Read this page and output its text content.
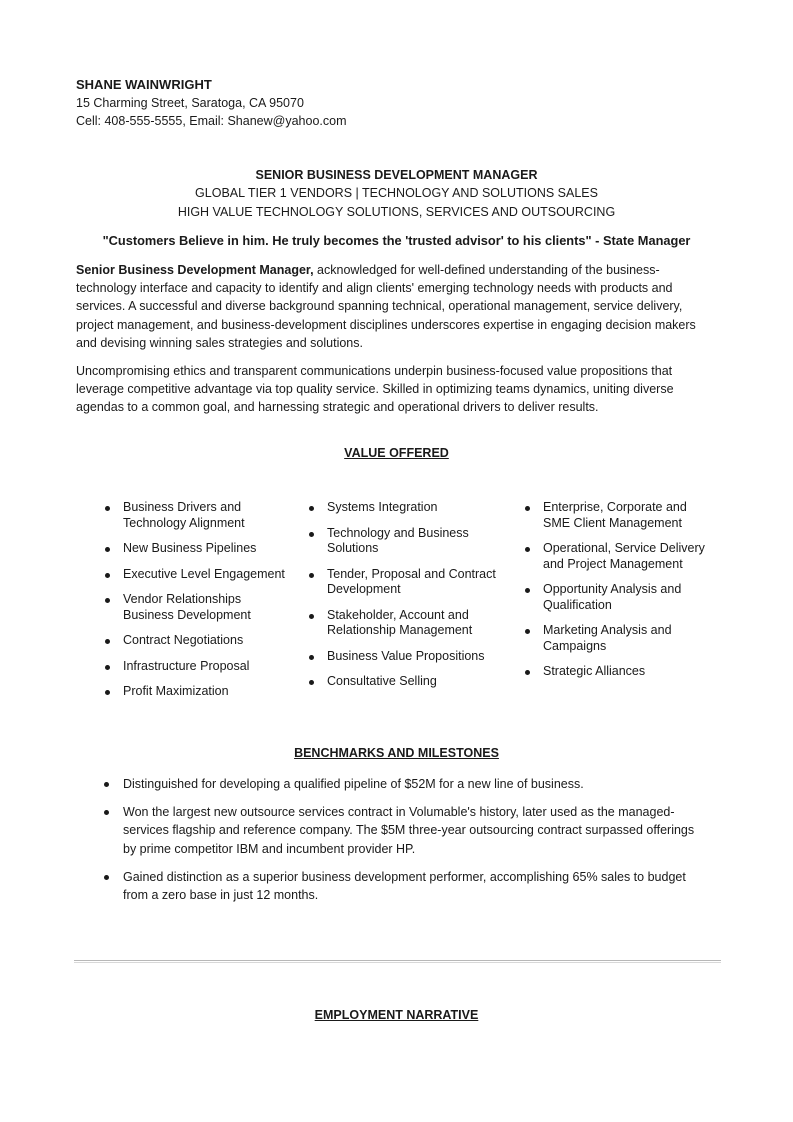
SHANE WAINWRIGHT
15 Charming Street, Saratoga, CA 95070
Cell: 408-555-5555, Email: Shanew@yahoo.com
SENIOR BUSINESS DEVELOPMENT MANAGER
GLOBAL TIER 1 VENDORS | TECHNOLOGY AND SOLUTIONS SALES
HIGH VALUE TECHNOLOGY SOLUTIONS, SERVICES AND OUTSOURCING
"Customers Believe in him. He truly becomes the 'trusted advisor' to his clients" - State Manager
Senior Business Development Manager, acknowledged for well-defined understanding of the business-technology interface and capacity to identify and align clients' emerging technology needs with products and services. A successful and diverse background spanning technical, operational management, service delivery, project management, and business-development disciplines underscores expertise in engaging decision makers and devising winning sales strategies and solutions.
Uncompromising ethics and transparent communications underpin business-focused value propositions that leverage competitive advantage via top quality service. Skilled in optimizing teams dynamics, uniting diverse agendas to a common goal, and harnessing strategic and operational drivers to deliver results.
VALUE OFFERED
Business Drivers and Technology Alignment
New Business Pipelines
Executive Level Engagement
Vendor Relationships Business Development
Contract Negotiations
Infrastructure Proposal
Profit Maximization
Systems Integration
Technology and Business Solutions
Tender, Proposal and Contract Development
Stakeholder, Account and Relationship Management
Business Value Propositions
Consultative Selling
Enterprise, Corporate and SME Client Management
Operational, Service Delivery and Project Management
Opportunity Analysis and Qualification
Marketing Analysis and Campaigns
Strategic Alliances
BENCHMARKS AND MILESTONES
Distinguished for developing a qualified pipeline of $52M for a new line of business.
Won the largest new outsource services contract in Volumable's history, later used as the managed-services flagship and reference company. The $5M three-year outsourcing contract surpassed offerings by prime competitor IBM and incumbent provider HP.
Gained distinction as a superior business development performer, accomplishing 65% sales to budget from a zero base in just 12 months.
EMPLOYMENT NARRATIVE
